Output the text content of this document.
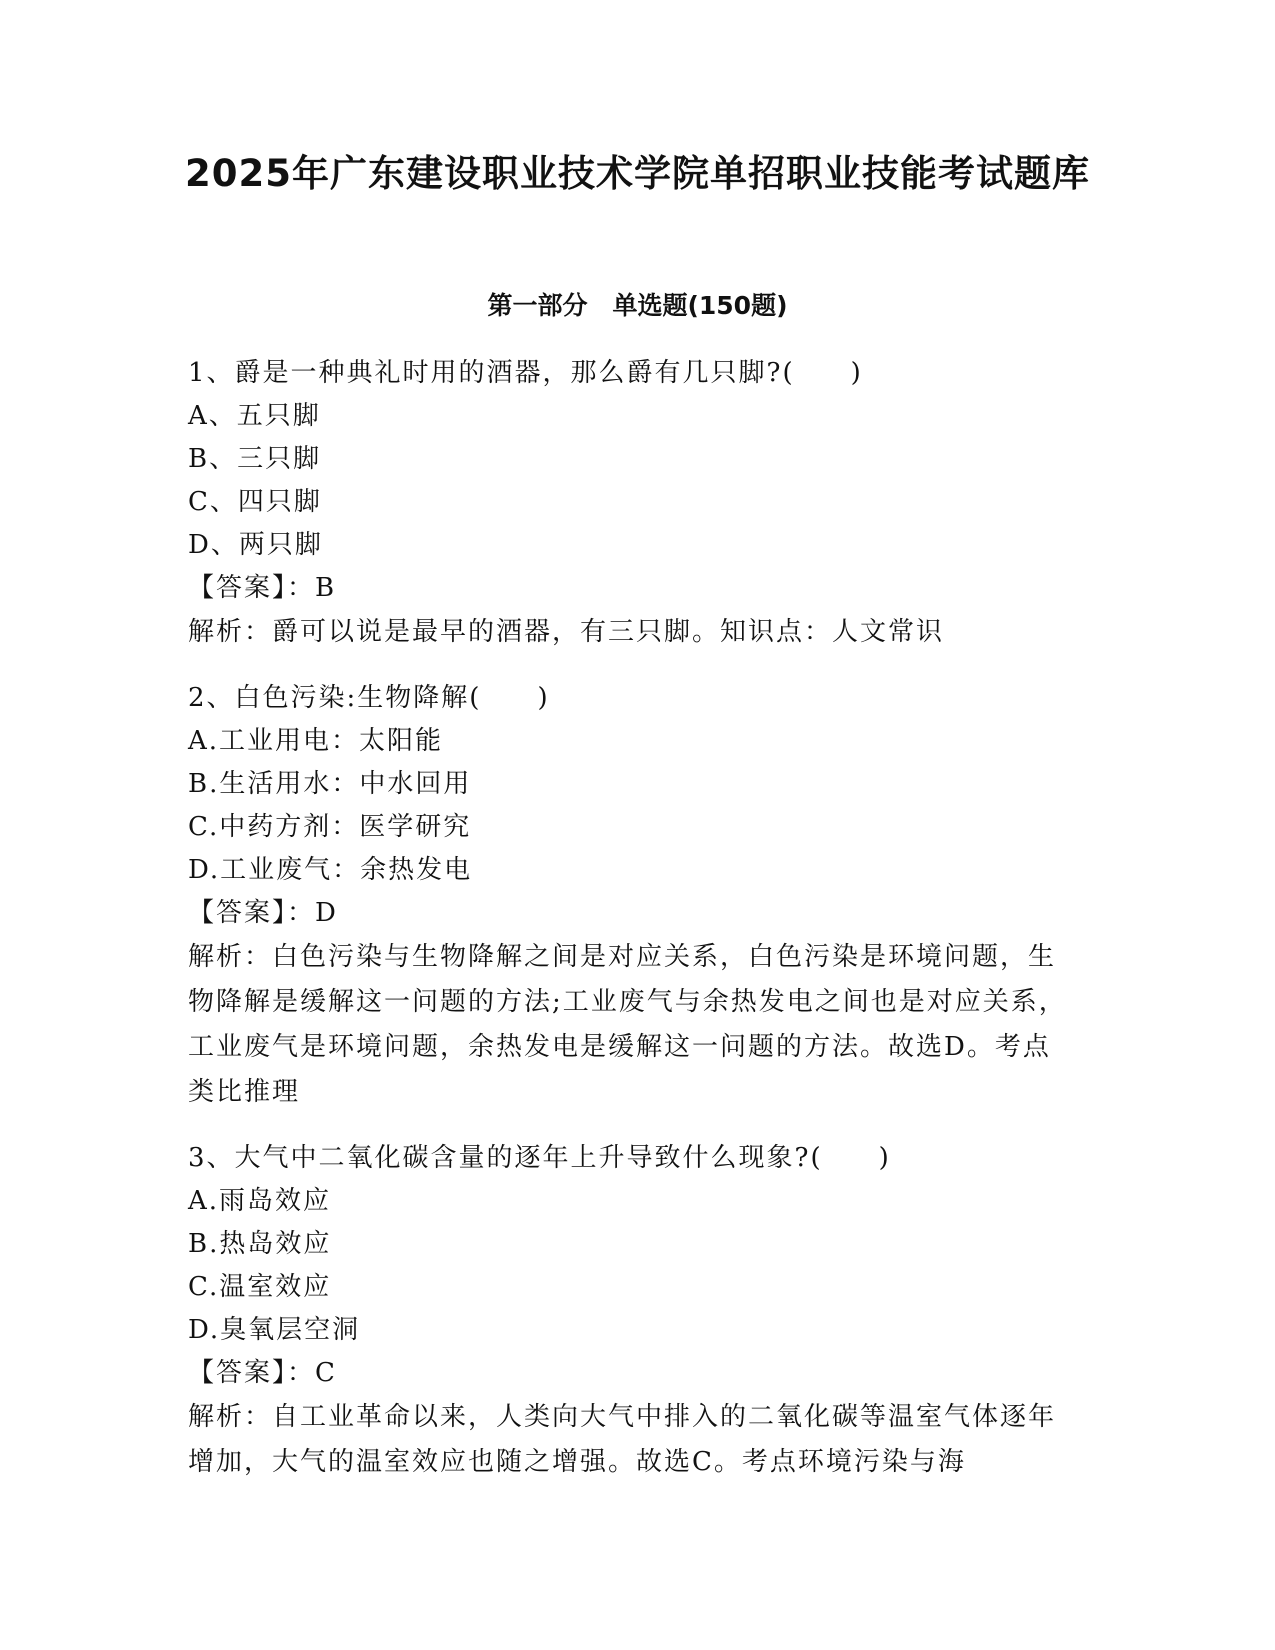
2025年广东建设职业技术学院单招职业技能考试题库
第一部分　单选题(150题)

1、爵是一种典礼时用的酒器，那么爵有几只脚?(　　)

A、五只脚

B、三只脚

C、四只脚

D、两只脚

【答案】：B

解析：爵可以说是最早的酒器，有三只脚。知识点：人文常识

2、白色污染:生物降解(　　)

A.工业用电：太阳能

B.生活用水：中水回用

C.中药方剂：医学研究

D.工业废气：余热发电

【答案】：D

解析：白色污染与生物降解之间是对应关系，白色污染是环境问题，生物降解是缓解这一问题的方法;工业废气与余热发电之间也是对应关系，工业废气是环境问题，余热发电是缓解这一问题的方法。故选D。考点类比推理

3、大气中二氧化碳含量的逐年上升导致什么现象?(　　)

A.雨岛效应

B.热岛效应

C.温室效应

D.臭氧层空洞

【答案】：C

解析：自工业革命以来，人类向大气中排入的二氧化碳等温室气体逐年增加，大气的温室效应也随之增强。故选C。考点环境污染与海
